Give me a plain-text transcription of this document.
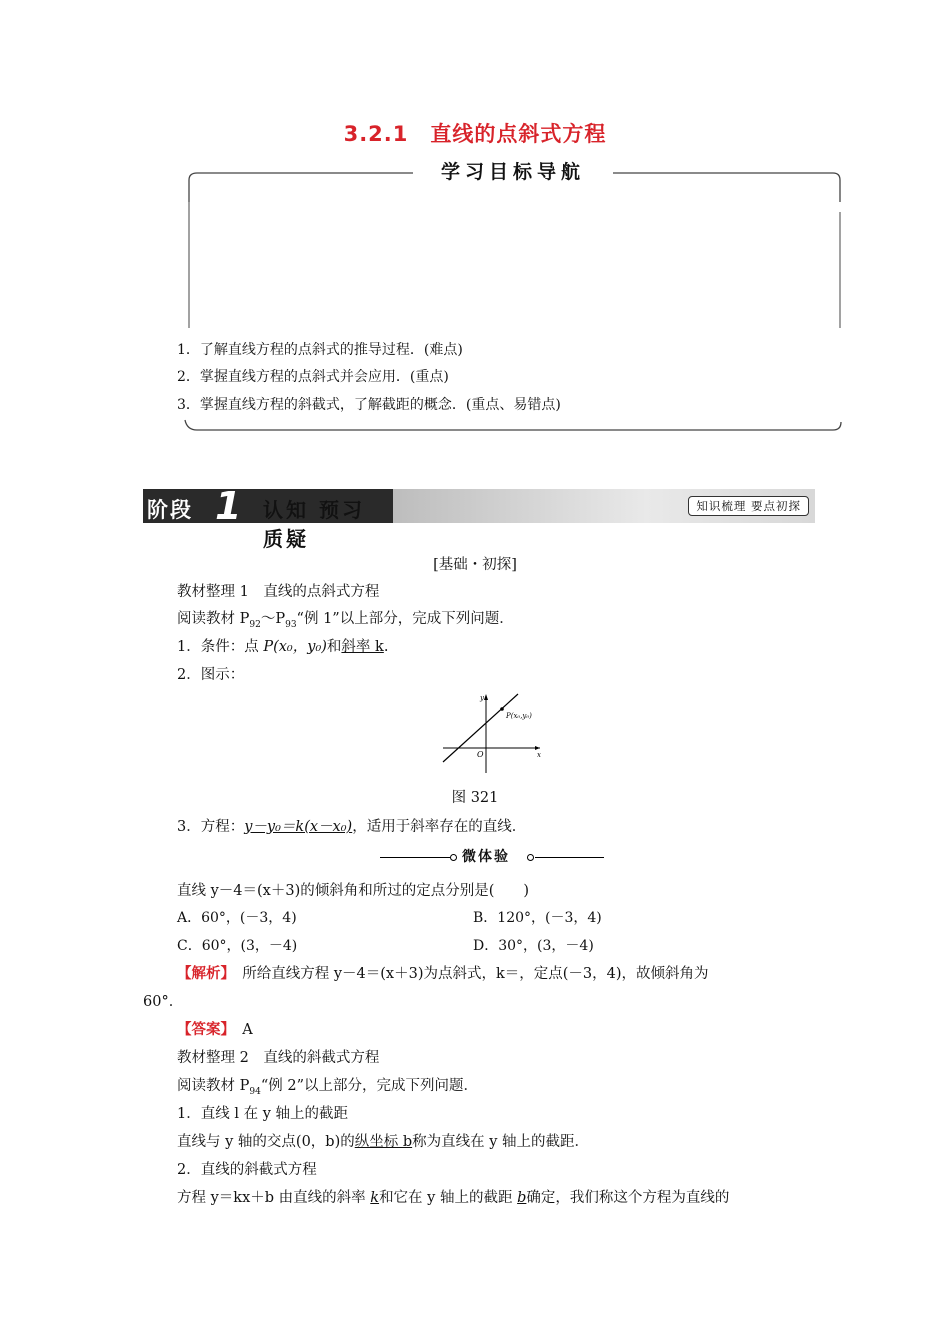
3.2.1　直线的点斜式方程
学习目标导航
1．了解直线方程的点斜式的推导过程．(难点)
2．掌握直线方程的点斜式并会应用．(重点)
3．掌握直线方程的斜截式，了解截距的概念．(重点、易错点)
阶段 1 认知 预习 质疑
知识梳理 要点初探
[基础・初探]
教材整理 1　直线的点斜式方程
阅读教材 $P_{92}\sim P_{93}“$例 1”以上部分，完成下列问题．
1．条件：点 P(x₀，y₀)和斜率 k.
2．图示：
y
x
O
P(x₀,y₀)
图 321
3．方程：y－y₀＝k(x－x₀)，适用于斜率存在的直线．
微体验
直线 y－4＝(x＋3)的倾斜角和所过的定点分别是(　　)
A．60°，(－3，4)	B．120°，(－3，4)
C．60°，(3，－4)	D．30°，(3，－4)
【解析】　所给直线方程 y－4＝(x＋3)为点斜式，k＝，定点(－3，4)，故倾斜角为
60°．
【答案】　A
教材整理 2　直线的斜截式方程
阅读教材 $P_{94}“$例 2”以上部分，完成下列问题．
1．直线 l 在 y 轴上的截距
直线与 y 轴的交点(0，b)的纵坐标 b称为直线在 y 轴上的截距．
2．直线的斜截式方程
方程 y＝kx＋b 由直线的斜率 k和它在 y 轴上的截距 b确定，我们称这个方程为直线的
